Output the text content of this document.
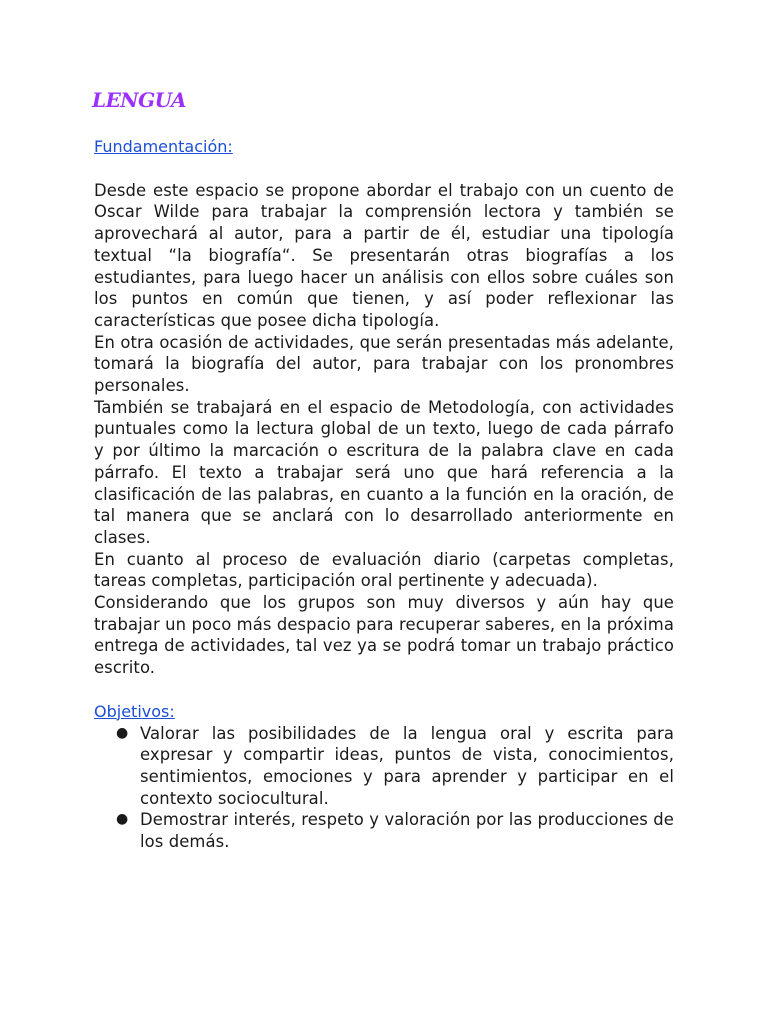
LENGUA
Fundamentación:

Desde este espacio se propone abordar el trabajo con un cuento de Oscar Wilde para trabajar la comprensión lectora y también se aprovechará al autor, para a partir de él, estudiar una tipología textual “la biografía“. Se presentarán otras biografías a los estudiantes, para luego hacer un análisis con ellos sobre cuáles son los puntos en común que tienen, y así poder reflexionar las características que posee dicha tipología.

En otra ocasión de actividades, que serán presentadas más adelante, tomará la biografía del autor, para trabajar con los pronombres personales.

También se trabajará en el espacio de Metodología, con actividades puntuales como la lectura global de un texto, luego de cada párrafo y por último la marcación o escritura de la palabra clave en cada párrafo. El texto a trabajar será uno que hará referencia a la clasificación de las palabras, en cuanto a la función en la oración, de tal manera que se anclará con lo desarrollado anteriormente en clases.

En cuanto al proceso de evaluación diario (carpetas completas, tareas completas, participación oral pertinente y adecuada).

Considerando que los grupos son muy diversos y aún hay que trabajar un poco más despacio para recuperar saberes, en la próxima entrega de actividades, tal vez ya se podrá tomar un trabajo práctico escrito.

Objetivos:
● Valorar las posibilidades de la lengua oral y escrita para expresar y compartir ideas, puntos de vista, conocimientos, sentimientos, emociones y para aprender y participar en el contexto sociocultural.
● Demostrar interés, respeto y valoración por las producciones de los demás.
